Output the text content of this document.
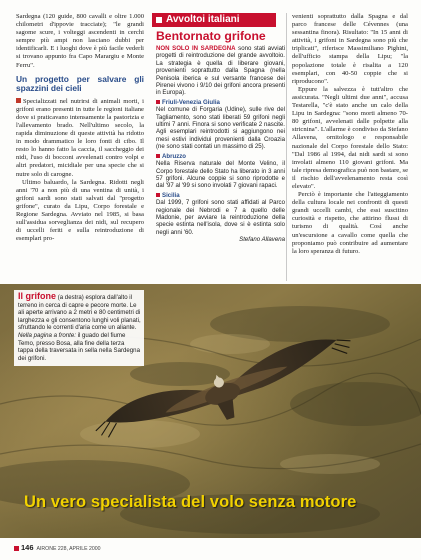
Sardegna (120 guide, 800 cavalli e oltre 1.000 chilometri d'ippovie tracciate); "le grandi sagome scure, i volteggi ascendenti in cerchi sempre più ampi non lasciano dubbi per identificarli. E i luoghi dove è più facile vederli si trovano appunto fra Capo Marargiu e Monte Ferru".

Un progetto per salvare gli spazzini dei cieli

Specializzati nel nutrirsi di animali morti, i grifoni erano presenti in tutte le regioni italiane dove si praticavano intensamente la pastorizia e l'allevamento brado. Nell'ultimo secolo, la rapida diminuzione di queste attività ha ridotto in modo drammatico le loro fonti di cibo. Il resto lo hanno fatto la caccia, il saccheggio dei nidi, l'uso di bocconi avvelenati contro volpi e altri predatori, micidiale per una specie che si nutre solo di carogne.

Ultimo baluardo, la Sardegna. Ridotti negli anni '70 a non più di una ventina di unità, i grifoni sardi sono stati salvati dal "progetto grifone", curato da Lipu, Corpo forestale e Regione Sardegna. Avviato nel 1985, si basa sull'assidua sorveglianza dei nidi, sul recupero di uccelli feriti e sulla reintroduzione di esemplari pro-

Avvoltoi italiani
Bentornato grifone

NON SOLO IN SARDEGNA sono stati avviati progetti di reintroduzione del grande avvoltoio. La strategia è quella di liberare giovani, provenienti soprattutto dalla Spagna (nella Penisola iberica e sul versante francese dei Pirenei vivono i 9/10 dei grifoni ancora presenti in Europa).

Friuli-Venezia Giulia

Nel comune di Forgaria (Udine), sulle rive del Tagliamento, sono stati liberati 59 grifoni negli ultimi 7 anni. Finora si sono verificate 2 nascite. Agli esemplari reintrodotti si aggiungono nei mesi estivi individui provenienti dalla Croazia (ne sono stati contati un massimo di 25).

Abruzzo

Nella Riserva naturale del Monte Velino, il Corpo forestale dello Stato ha liberato in 3 anni 57 grifoni. Alcune coppie si sono riprodotte e dal '97 al '99 si sono involati 7 giovani rapaci.

Sicilia

Dal 1999, 7 grifoni sono stati affidati al Parco regionale dei Nebrodi e 7 a quello delle Madonie, per avviare la reintroduzione della specie estinta nell'isola, dove si è estinta solo negli anni '60.

Stefano Allavena

venienti soprattutto dalla Spagna e dal parco francese delle Cévennes (una sessantina finora). Risultato: "In 15 anni di attività, i grifoni in Sardegna sono più che triplicati", riferisce Massimiliano Pighini, dell'ufficio stampa della Lipu; "la popolazione totale è risalita a 120 esemplari, con 40-50 coppie che si riproducono".

Eppure la salvezza è tutt'altro che assicurata. "Negli ultimi due anni", accusa Testarella, "c'è stato anche un calo della Lipu in Sardegna: "sono morti almeno 70-80 grifoni, avvelenati dalle polpette alla stricnina". L'allarme è condiviso da Stefano Allavena, ornitologo e responsabile nazionale del Corpo forestale dello Stato: "Dal 1986 al 1994, dai nidi sardi si sono involati almeno 110 giovani grifoni. Ma tale ripresa demografica può non bastare, se il rischio dell'avvelenamento resta così elevato".

Perciò è importante che l'atteggiamento della cultura locale nei confronti di questi grandi uccelli cambi, che essi suscitino curiosità e rispetto, che attirino flussi di turismo di qualità. Così anche un'escursione a cavallo come quella che proponiamo può contribuire ad aumentare la loro speranza di futuro.

Il grifone (a destra) esplora dall'alto il terreno in cerca di capre e pecore morte. Le ali aperte arrivano a 2 metri e 80 centimetri di larghezza e gli consentono lunghi voli planati, sfruttando le correnti d'aria come un aliante.

Nella pagina a fronte: il guado del fiume Temo, presso Bosa, alla fine della terza tappa della traversata in sella nella Sardegna dei grifoni.

Un vero specialista del volo senza motore
146 AIRONE 228, APRILE 2000
